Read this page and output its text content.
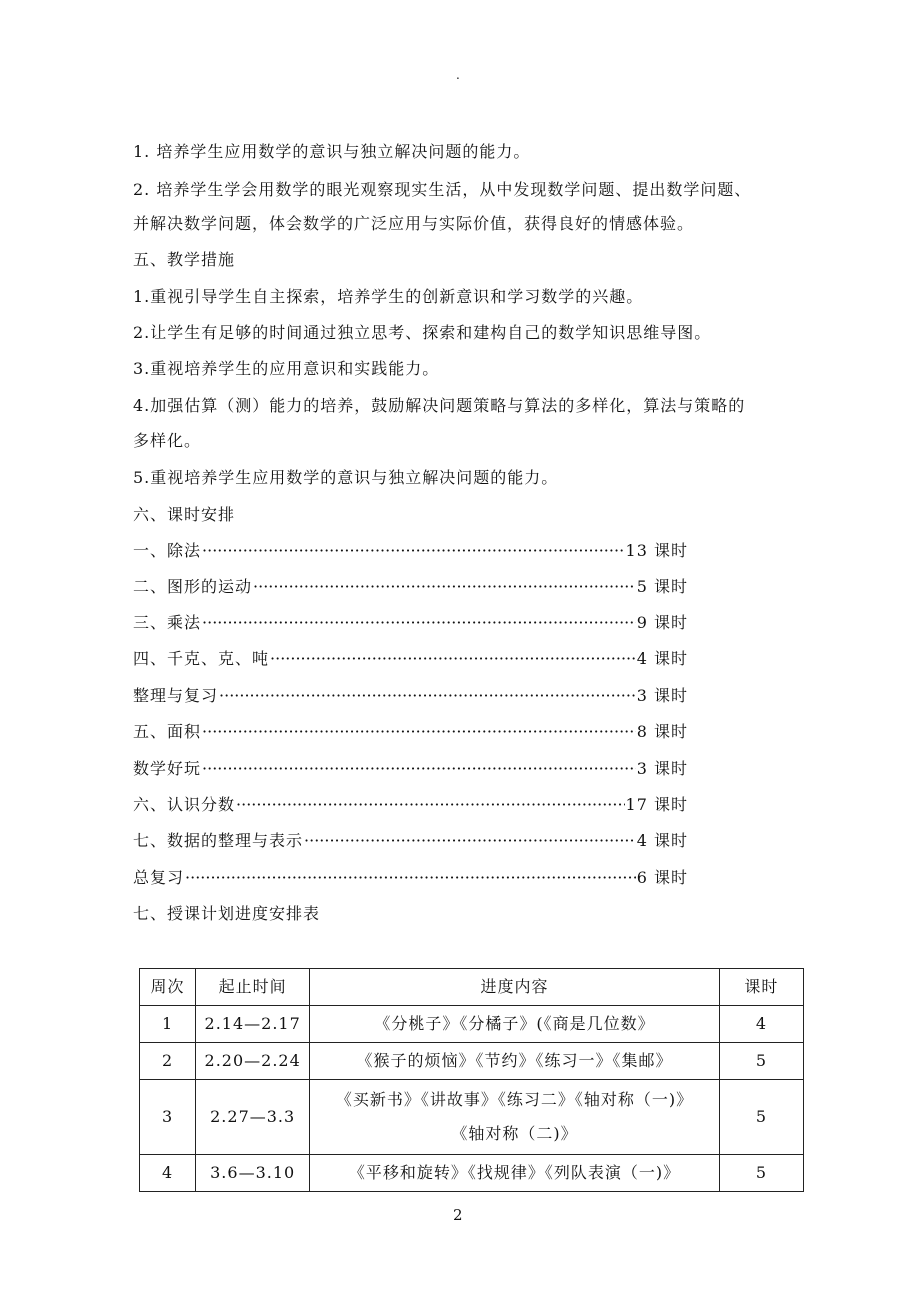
.
1. 培养学生应用数学的意识与独立解决问题的能力。
2. 培养学生学会用数学的眼光观察现实生活，从中发现数学问题、提出数学问题、
并解决数学问题，体会数学的广泛应用与实际价值，获得良好的情感体验。
五、教学措施
1.重视引导学生自主探索，培养学生的创新意识和学习数学的兴趣。
2.让学生有足够的时间通过独立思考、探索和建构自己的数学知识思维导图。
3.重视培养学生的应用意识和实践能力。
4.加强估算（测）能力的培养，鼓励解决问题策略与算法的多样化，算法与策略的
多样化。
5.重视培养学生应用数学的意识与独立解决问题的能力。
六、课时安排
一、除法 ·····	13 课时
二、图形的运动 ·····	5 课时
三、乘法 ·····	9 课时
四、千克、克、吨 ·····	4 课时
整理与复习 ·····	3 课时
五、面积 ·····	8 课时
数学好玩 ·····	3 课时
六、认识分数 ·····	17 课时
七、数据的整理与表示 ·····	4 课时
总复习 ·····	6 课时
七、授课计划进度安排表
周次	起止时间	进度内容	课时
1	2.14—2.17	《分桃子》《分橘子》(《商是几位数》	4
2	2.20—2.24	《猴子的烦恼》《节约》《练习一》《集邮》	5
3	2.27—3.3	《买新书》《讲故事》《练习二》《轴对称（一)》
《轴对称（二)》	5
4	3.6—3.10	《平移和旋转》《找规律》《列队表演（一)》	5
2
